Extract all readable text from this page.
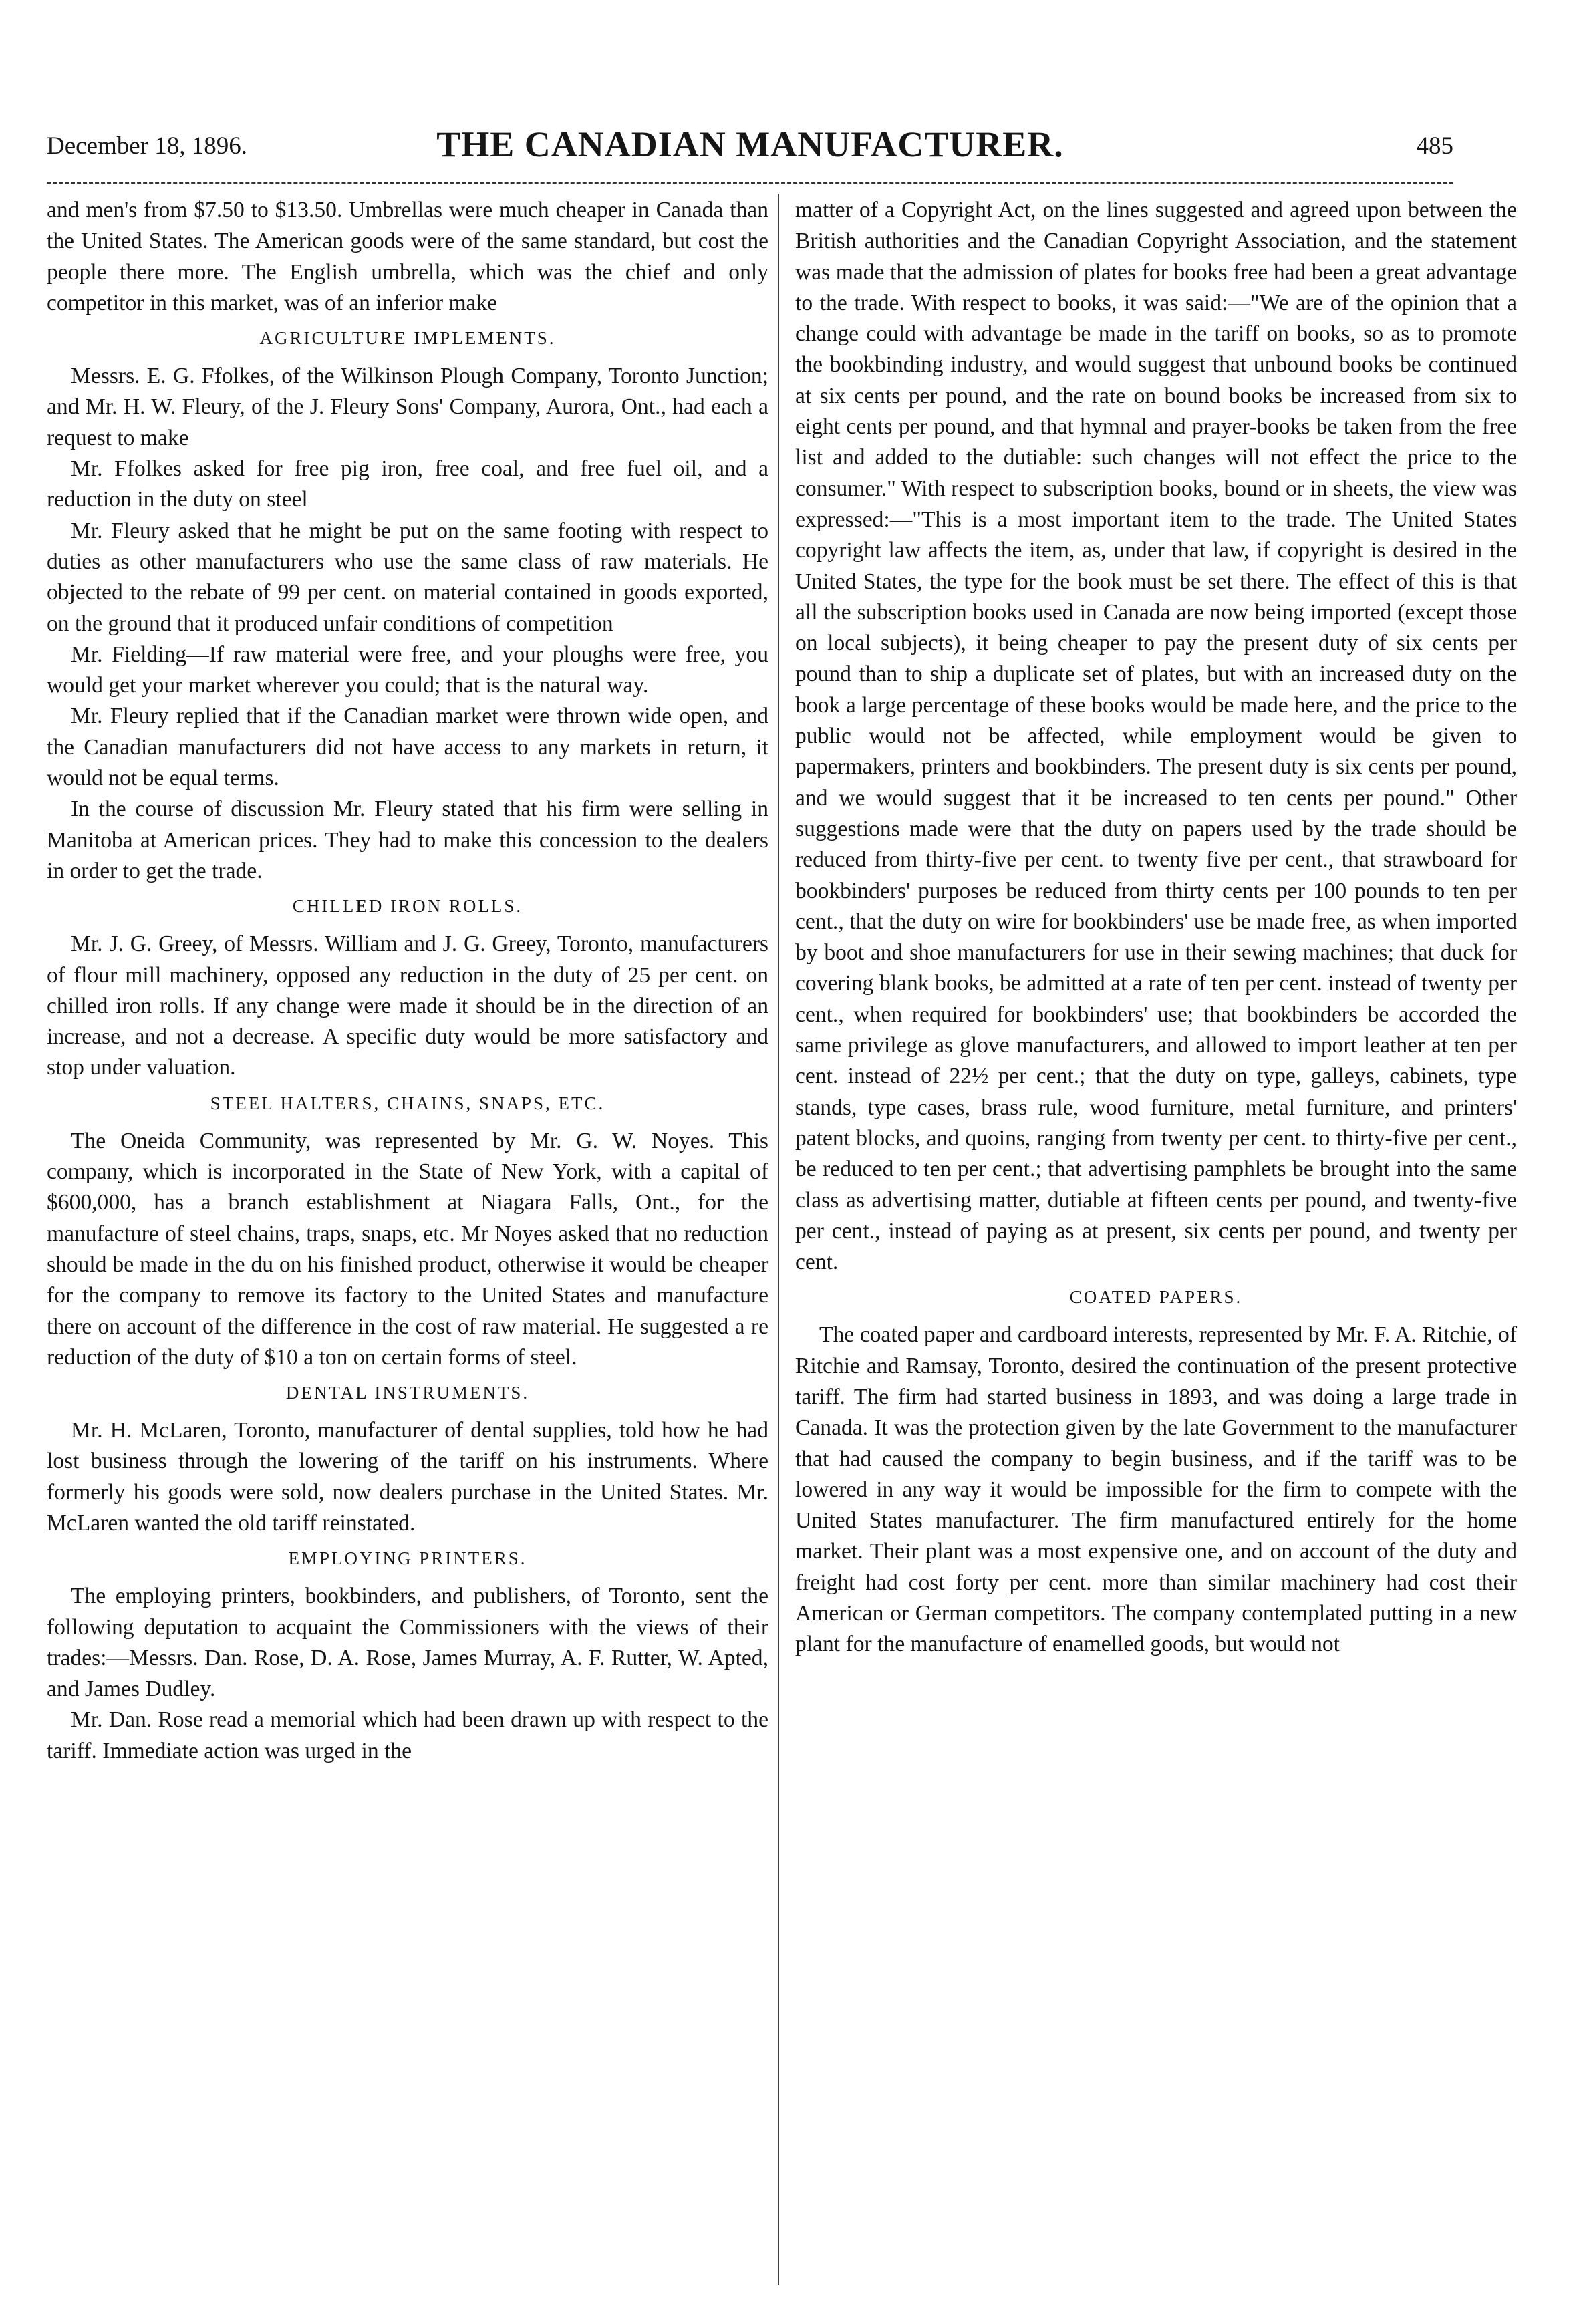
December 18, 1896.	THE CANADIAN MANUFACTURER.	485

and men's from $7.50 to $13.50. Umbrellas were much cheaper in Canada than the United States. The American goods were of the same standard, but cost the people there more. The English umbrella, which was the chief and only competitor in this market, was of an inferior make

AGRICULTURE IMPLEMENTS.

Messrs. E. G. Ffolkes, of the Wilkinson Plough Company, Toronto Junction; and Mr. H. W. Fleury, of the J. Fleury Sons' Company, Aurora, Ont., had each a request to make

Mr. Ffolkes asked for free pig iron, free coal, and free fuel oil, and a reduction in the duty on steel

Mr. Fleury asked that he might be put on the same footing with respect to duties as other manufacturers who use the same class of raw materials. He objected to the rebate of 99 per cent. on material contained in goods exported, on the ground that it produced unfair conditions of competition

Mr. Fielding—If raw material were free, and your ploughs were free, you would get your market wherever you could; that is the natural way.

Mr. Fleury replied that if the Canadian market were thrown wide open, and the Canadian manufacturers did not have access to any markets in return, it would not be equal terms.

In the course of discussion Mr. Fleury stated that his firm were selling in Manitoba at American prices. They had to make this concession to the dealers in order to get the trade.

CHILLED IRON ROLLS.

Mr. J. G. Greey, of Messrs. William and J. G. Greey, Toronto, manufacturers of flour mill machinery, opposed any reduction in the duty of 25 per cent. on chilled iron rolls. If any change were made it should be in the direction of an increase, and not a decrease. A specific duty would be more satisfactory and stop under valuation.

STEEL HALTERS, CHAINS, SNAPS, ETC.

The Oneida Community, was represented by Mr. G. W. Noyes. This company, which is incorporated in the State of New York, with a capital of $600,000, has a branch establishment at Niagara Falls, Ont., for the manufacture of steel chains, traps, snaps, etc. Mr Noyes asked that no reduction should be made in the du on his finished product, otherwise it would be cheaper for the company to remove its factory to the United States and manufacture there on account of the difference in the cost of raw material. He suggested a re reduction of the duty of $10 a ton on certain forms of steel.

DENTAL INSTRUMENTS.

Mr. H. McLaren, Toronto, manufacturer of dental supplies, told how he had lost business through the lowering of the tariff on his instruments. Where formerly his goods were sold, now dealers purchase in the United States. Mr. McLaren wanted the old tariff reinstated.

EMPLOYING PRINTERS.

The employing printers, bookbinders, and publishers, of Toronto, sent the following deputation to acquaint the Commissioners with the views of their trades:—Messrs. Dan. Rose, D. A. Rose, James Murray, A. F. Rutter, W. Apted, and James Dudley.

Mr. Dan. Rose read a memorial which had been drawn up with respect to the tariff. Immediate action was urged in the

matter of a Copyright Act, on the lines suggested and agreed upon between the British authorities and the Canadian Copyright Association, and the statement was made that the admission of plates for books free had been a great advantage to the trade. With respect to books, it was said:—"We are of the opinion that a change could with advantage be made in the tariff on books, so as to promote the bookbinding industry, and would suggest that unbound books be continued at six cents per pound, and the rate on bound books be increased from six to eight cents per pound, and that hymnal and prayer-books be taken from the free list and added to the dutiable: such changes will not effect the price to the consumer." With respect to subscription books, bound or in sheets, the view was expressed:—"This is a most important item to the trade. The United States copyright law affects the item, as, under that law, if copyright is desired in the United States, the type for the book must be set there. The effect of this is that all the subscription books used in Canada are now being imported (except those on local subjects), it being cheaper to pay the present duty of six cents per pound than to ship a duplicate set of plates, but with an increased duty on the book a large percentage of these books would be made here, and the price to the public would not be affected, while employment would be given to papermakers, printers and bookbinders. The present duty is six cents per pound, and we would suggest that it be increased to ten cents per pound." Other suggestions made were that the duty on papers used by the trade should be reduced from thirty-five per cent. to twenty five per cent., that strawboard for bookbinders' purposes be reduced from thirty cents per 100 pounds to ten per cent., that the duty on wire for bookbinders' use be made free, as when imported by boot and shoe manufacturers for use in their sewing machines; that duck for covering blank books, be admitted at a rate of ten per cent. instead of twenty per cent., when required for bookbinders' use; that bookbinders be accorded the same privilege as glove manufacturers, and allowed to import leather at ten per cent. instead of 22½ per cent.; that the duty on type, galleys, cabinets, type stands, type cases, brass rule, wood furniture, metal furniture, and printers' patent blocks, and quoins, ranging from twenty per cent. to thirty-five per cent., be reduced to ten per cent.; that advertising pamphlets be brought into the same class as advertising matter, dutiable at fifteen cents per pound, and twenty-five per cent., instead of paying as at present, six cents per pound, and twenty per cent.

COATED PAPERS.

The coated paper and cardboard interests, represented by Mr. F. A. Ritchie, of Ritchie and Ramsay, Toronto, desired the continuation of the present protective tariff. The firm had started business in 1893, and was doing a large trade in Canada. It was the protection given by the late Government to the manufacturer that had caused the company to begin business, and if the tariff was to be lowered in any way it would be impossible for the firm to compete with the United States manufacturer. The firm manufactured entirely for the home market. Their plant was a most expensive one, and on account of the duty and freight had cost forty per cent. more than similar machinery had cost their American or German competitors. The company contemplated putting in a new plant for the manufacture of enamelled goods, but would not
